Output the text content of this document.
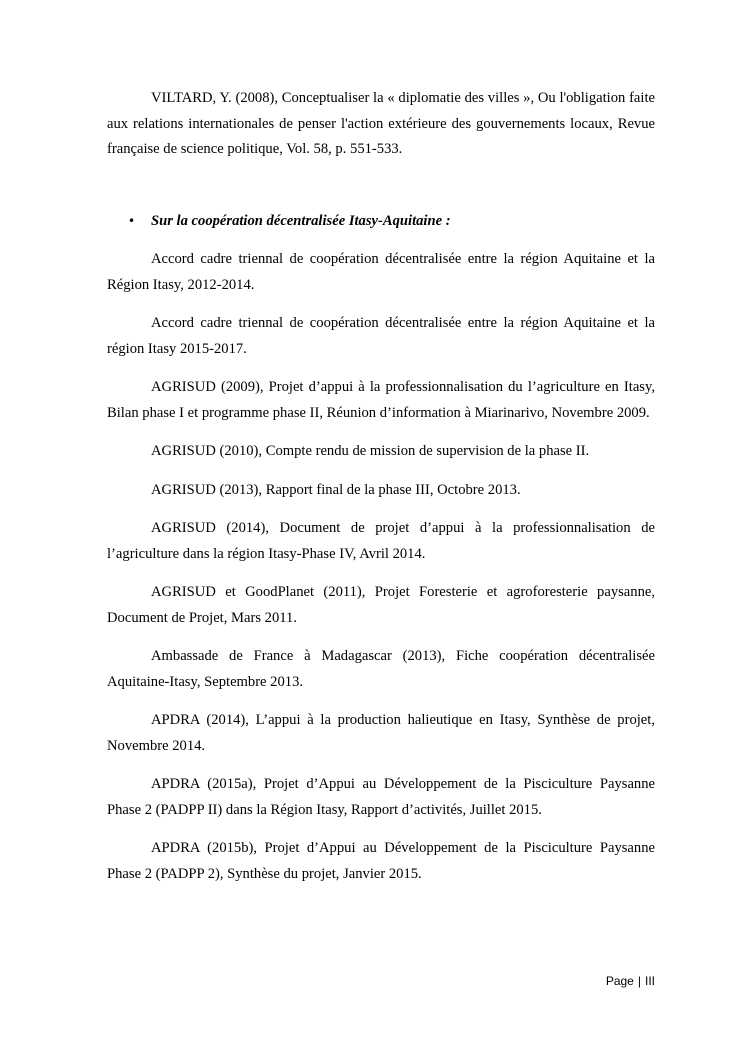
VILTARD, Y. (2008), Conceptualiser la « diplomatie des villes », Ou l'obligation faite aux relations internationales de penser l'action extérieure des gouvernements locaux, Revue française de science politique, Vol. 58, p. 551-533.

• Sur la coopération décentralisée Itasy-Aquitaine :

Accord cadre triennal de coopération décentralisée entre la région Aquitaine et la Région Itasy, 2012-2014.

Accord cadre triennal de coopération décentralisée entre la région Aquitaine et la région Itasy 2015-2017.

AGRISUD (2009), Projet d’appui à la professionnalisation du l’agriculture en Itasy, Bilan phase I et programme phase II, Réunion d’information à Miarinarivo, Novembre 2009.

AGRISUD (2010), Compte rendu de mission de supervision de la phase II.

AGRISUD (2013), Rapport final de la phase III, Octobre 2013.

AGRISUD (2014), Document de projet d’appui à la professionnalisation de l’agriculture dans la région Itasy-Phase IV, Avril 2014.

AGRISUD et GoodPlanet (2011), Projet Foresterie et agroforesterie paysanne, Document de Projet, Mars 2011.

Ambassade de France à Madagascar (2013), Fiche coopération décentralisée Aquitaine-Itasy, Septembre 2013.

APDRA (2014), L’appui à la production halieutique en Itasy, Synthèse de projet, Novembre 2014.

APDRA (2015a), Projet d’Appui au Développement de la Pisciculture Paysanne Phase 2 (PADPP II) dans la Région Itasy, Rapport d’activités, Juillet 2015.

APDRA (2015b), Projet d’Appui au Développement de la Pisciculture Paysanne Phase 2 (PADPP 2), Synthèse du projet, Janvier 2015.

Page | III
